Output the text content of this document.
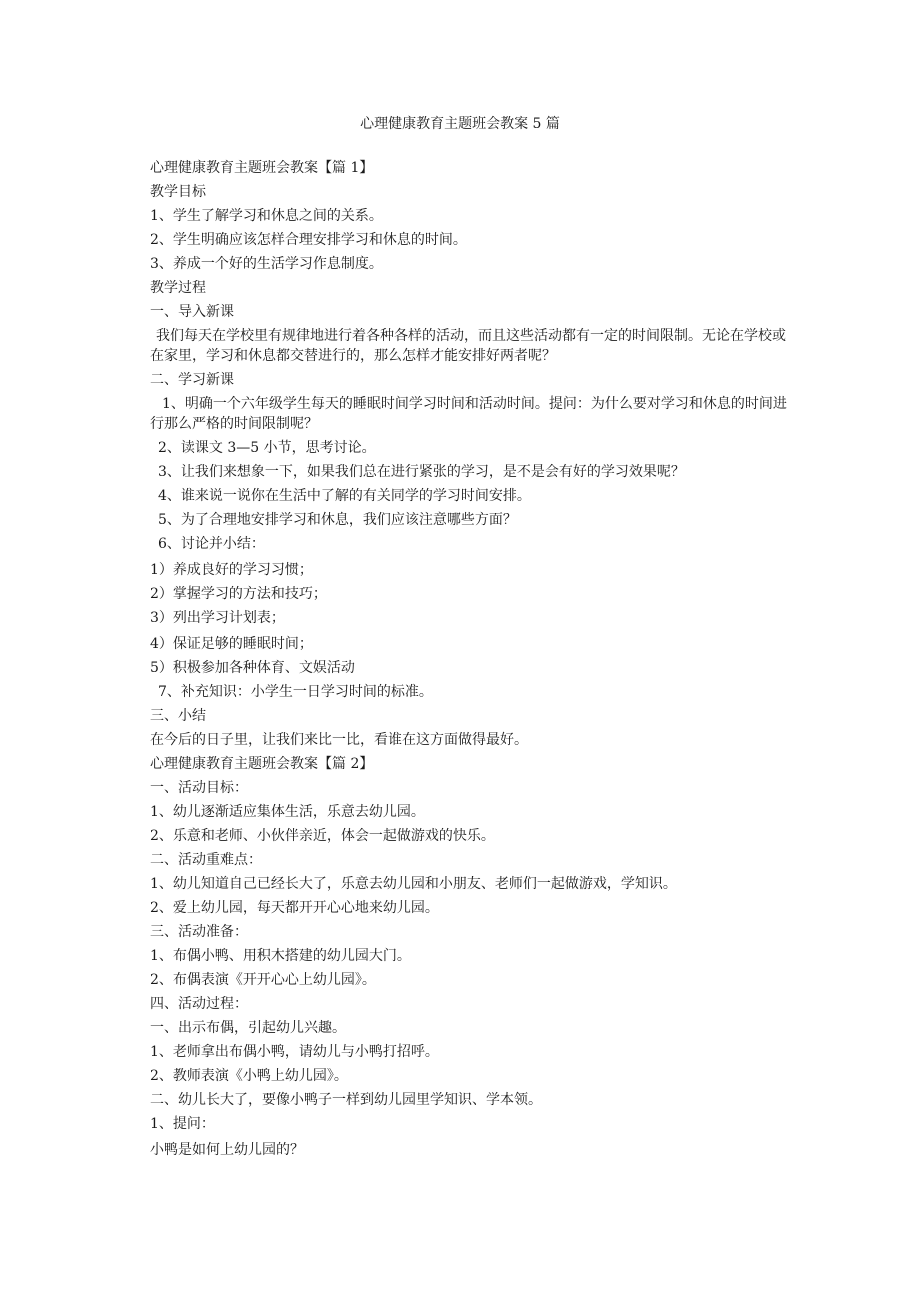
心理健康教育主题班会教案 5 篇
心理健康教育主题班会教案【篇 1】
教学目标
1、学生了解学习和休息之间的关系。
2、学生明确应该怎样合理安排学习和休息的时间。
3、养成一个好的生活学习作息制度。
教学过程
一、导入新课
我们每天在学校里有规律地进行着各种各样的活动，而且这些活动都有一定的时间限制。无论在学校或在家里，学习和休息都交替进行的，那么怎样才能安排好两者呢？
二、学习新课
1、明确一个六年级学生每天的睡眠时间学习时间和活动时间。提问：为什么要对学习和休息的时间进行那么严格的时间限制呢？
2、读课文 3—5 小节，思考讨论。
3、让我们来想象一下，如果我们总在进行紧张的学习，是不是会有好的学习效果呢？
4、谁来说一说你在生活中了解的有关同学的学习时间安排。
5、为了合理地安排学习和休息，我们应该注意哪些方面？
6、讨论并小结：
1）养成良好的学习习惯；
2）掌握学习的方法和技巧；
3）列出学习计划表；
4）保证足够的睡眠时间；
5）积极参加各种体育、文娱活动
7、补充知识：小学生一日学习时间的标准。
三、小结
在今后的日子里，让我们来比一比，看谁在这方面做得最好。
心理健康教育主题班会教案【篇 2】
一、活动目标：
1、幼儿逐渐适应集体生活，乐意去幼儿园。
2、乐意和老师、小伙伴亲近，体会一起做游戏的快乐。
二、活动重难点：
1、幼儿知道自己已经长大了，乐意去幼儿园和小朋友、老师们一起做游戏，学知识。
2、爱上幼儿园，每天都开开心心地来幼儿园。
三、活动准备：
1、布偶小鸭、用积木搭建的幼儿园大门。
2、布偶表演《开开心心上幼儿园》。
四、活动过程：
一、出示布偶，引起幼儿兴趣。
1、老师拿出布偶小鸭，请幼儿与小鸭打招呼。
2、教师表演《小鸭上幼儿园》。
二、幼儿长大了，要像小鸭子一样到幼儿园里学知识、学本领。
1、提问：
小鸭是如何上幼儿园的？
